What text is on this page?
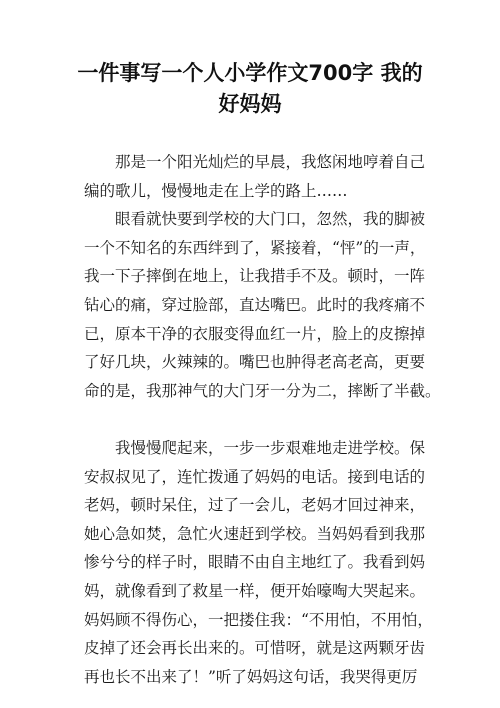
一件事写一个人小学作文700字 我的
好妈妈
那是一个阳光灿烂的早晨，我悠闲地哼着自己
编的歌儿，慢慢地走在上学的路上……
眼看就快要到学校的大门口，忽然，我的脚被
一个不知名的东西绊到了，紧接着，“怦”的一声，
我一下子摔倒在地上，让我措手不及。顿时，一阵
钻心的痛，穿过脸部，直达嘴巴。此时的我疼痛不
已，原本干净的衣服变得血红一片，脸上的皮擦掉
了好几块，火辣辣的。嘴巴也肿得老高老高，更要
命的是，我那神气的大门牙一分为二，摔断了半截。
我慢慢爬起来，一步一步艰难地走进学校。保
安叔叔见了，连忙拨通了妈妈的电话。接到电话的
老妈，顿时呆住，过了一会儿，老妈才回过神来，
她心急如焚，急忙火速赶到学校。当妈妈看到我那
惨兮兮的样子时，眼睛不由自主地红了。我看到妈
妈，就像看到了救星一样，便开始嚎啕大哭起来。
妈妈顾不得伤心，一把搂住我：“不用怕，不用怕，
皮掉了还会再长出来的。可惜呀，就是这两颗牙齿
再也长不出来了！”听了妈妈这句话，我哭得更厉
